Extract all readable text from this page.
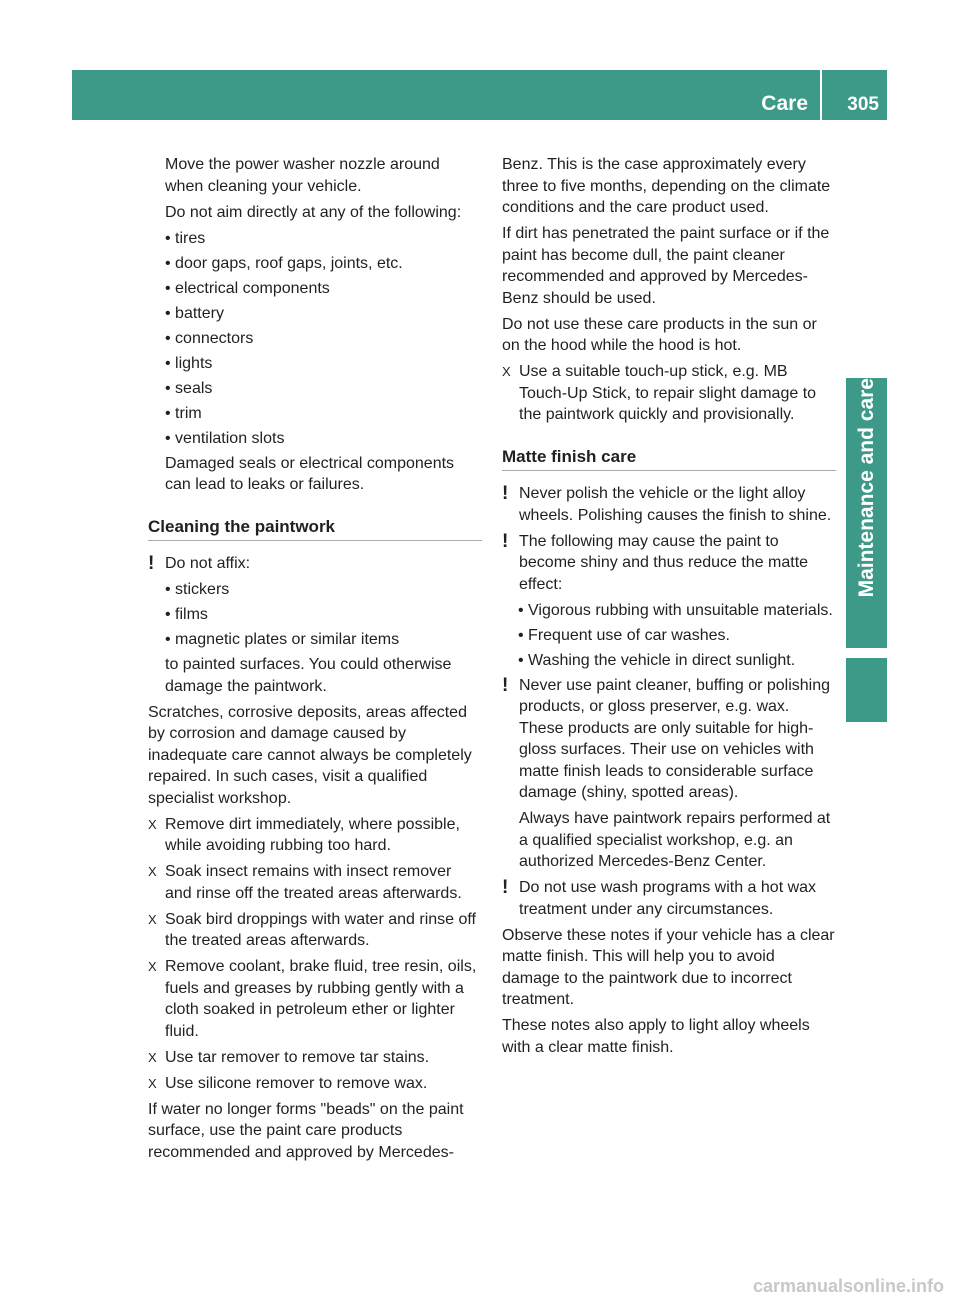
Care	305
Maintenance and care

Move the power washer nozzle around when cleaning your vehicle.

Do not aim directly at any of the following:

• tires
• door gaps, roof gaps, joints, etc.
• electrical components
• battery
• connectors
• lights
• seals
• trim
• ventilation slots

Damaged seals or electrical components can lead to leaks or failures.

Cleaning the paintwork
! Do not affix:
• stickers
• films
• magnetic plates or similar items

to painted surfaces. You could otherwise damage the paintwork.

Scratches, corrosive deposits, areas affected by corrosion and damage caused by inadequate care cannot always be completely repaired. In such cases, visit a qualified specialist workshop.

X Remove dirt immediately, where possible, while avoiding rubbing too hard.
X Soak insect remains with insect remover and rinse off the treated areas afterwards.
X Soak bird droppings with water and rinse off the treated areas afterwards.
X Remove coolant, brake fluid, tree resin, oils, fuels and greases by rubbing gently with a cloth soaked in petroleum ether or lighter fluid.
X Use tar remover to remove tar stains.
X Use silicone remover to remove wax.

If water no longer forms "beads" on the paint surface, use the paint care products recommended and approved by Mercedes-

Benz. This is the case approximately every three to five months, depending on the climate conditions and the care product used.

If dirt has penetrated the paint surface or if the paint has become dull, the paint cleaner recommended and approved by Mercedes-Benz should be used.

Do not use these care products in the sun or on the hood while the hood is hot.

X Use a suitable touch-up stick, e.g. MB Touch-Up Stick, to repair slight damage to the paintwork quickly and provisionally.
Matte finish care
! Never polish the vehicle or the light alloy wheels. Polishing causes the finish to shine.
! The following may cause the paint to become shiny and thus reduce the matte effect:
• Vigorous rubbing with unsuitable materials.
• Frequent use of car washes.
• Washing the vehicle in direct sunlight.
! Never use paint cleaner, buffing or polishing products, or gloss preserver, e.g. wax. These products are only suitable for high-gloss surfaces. Their use on vehicles with matte finish leads to considerable surface damage (shiny, spotted areas).

Always have paintwork repairs performed at a qualified specialist workshop, e.g. an authorized Mercedes-Benz Center.

! Do not use wash programs with a hot wax treatment under any circumstances.

Observe these notes if your vehicle has a clear matte finish. This will help you to avoid damage to the paintwork due to incorrect treatment.

These notes also apply to light alloy wheels with a clear matte finish.

carmanualsonline.info
